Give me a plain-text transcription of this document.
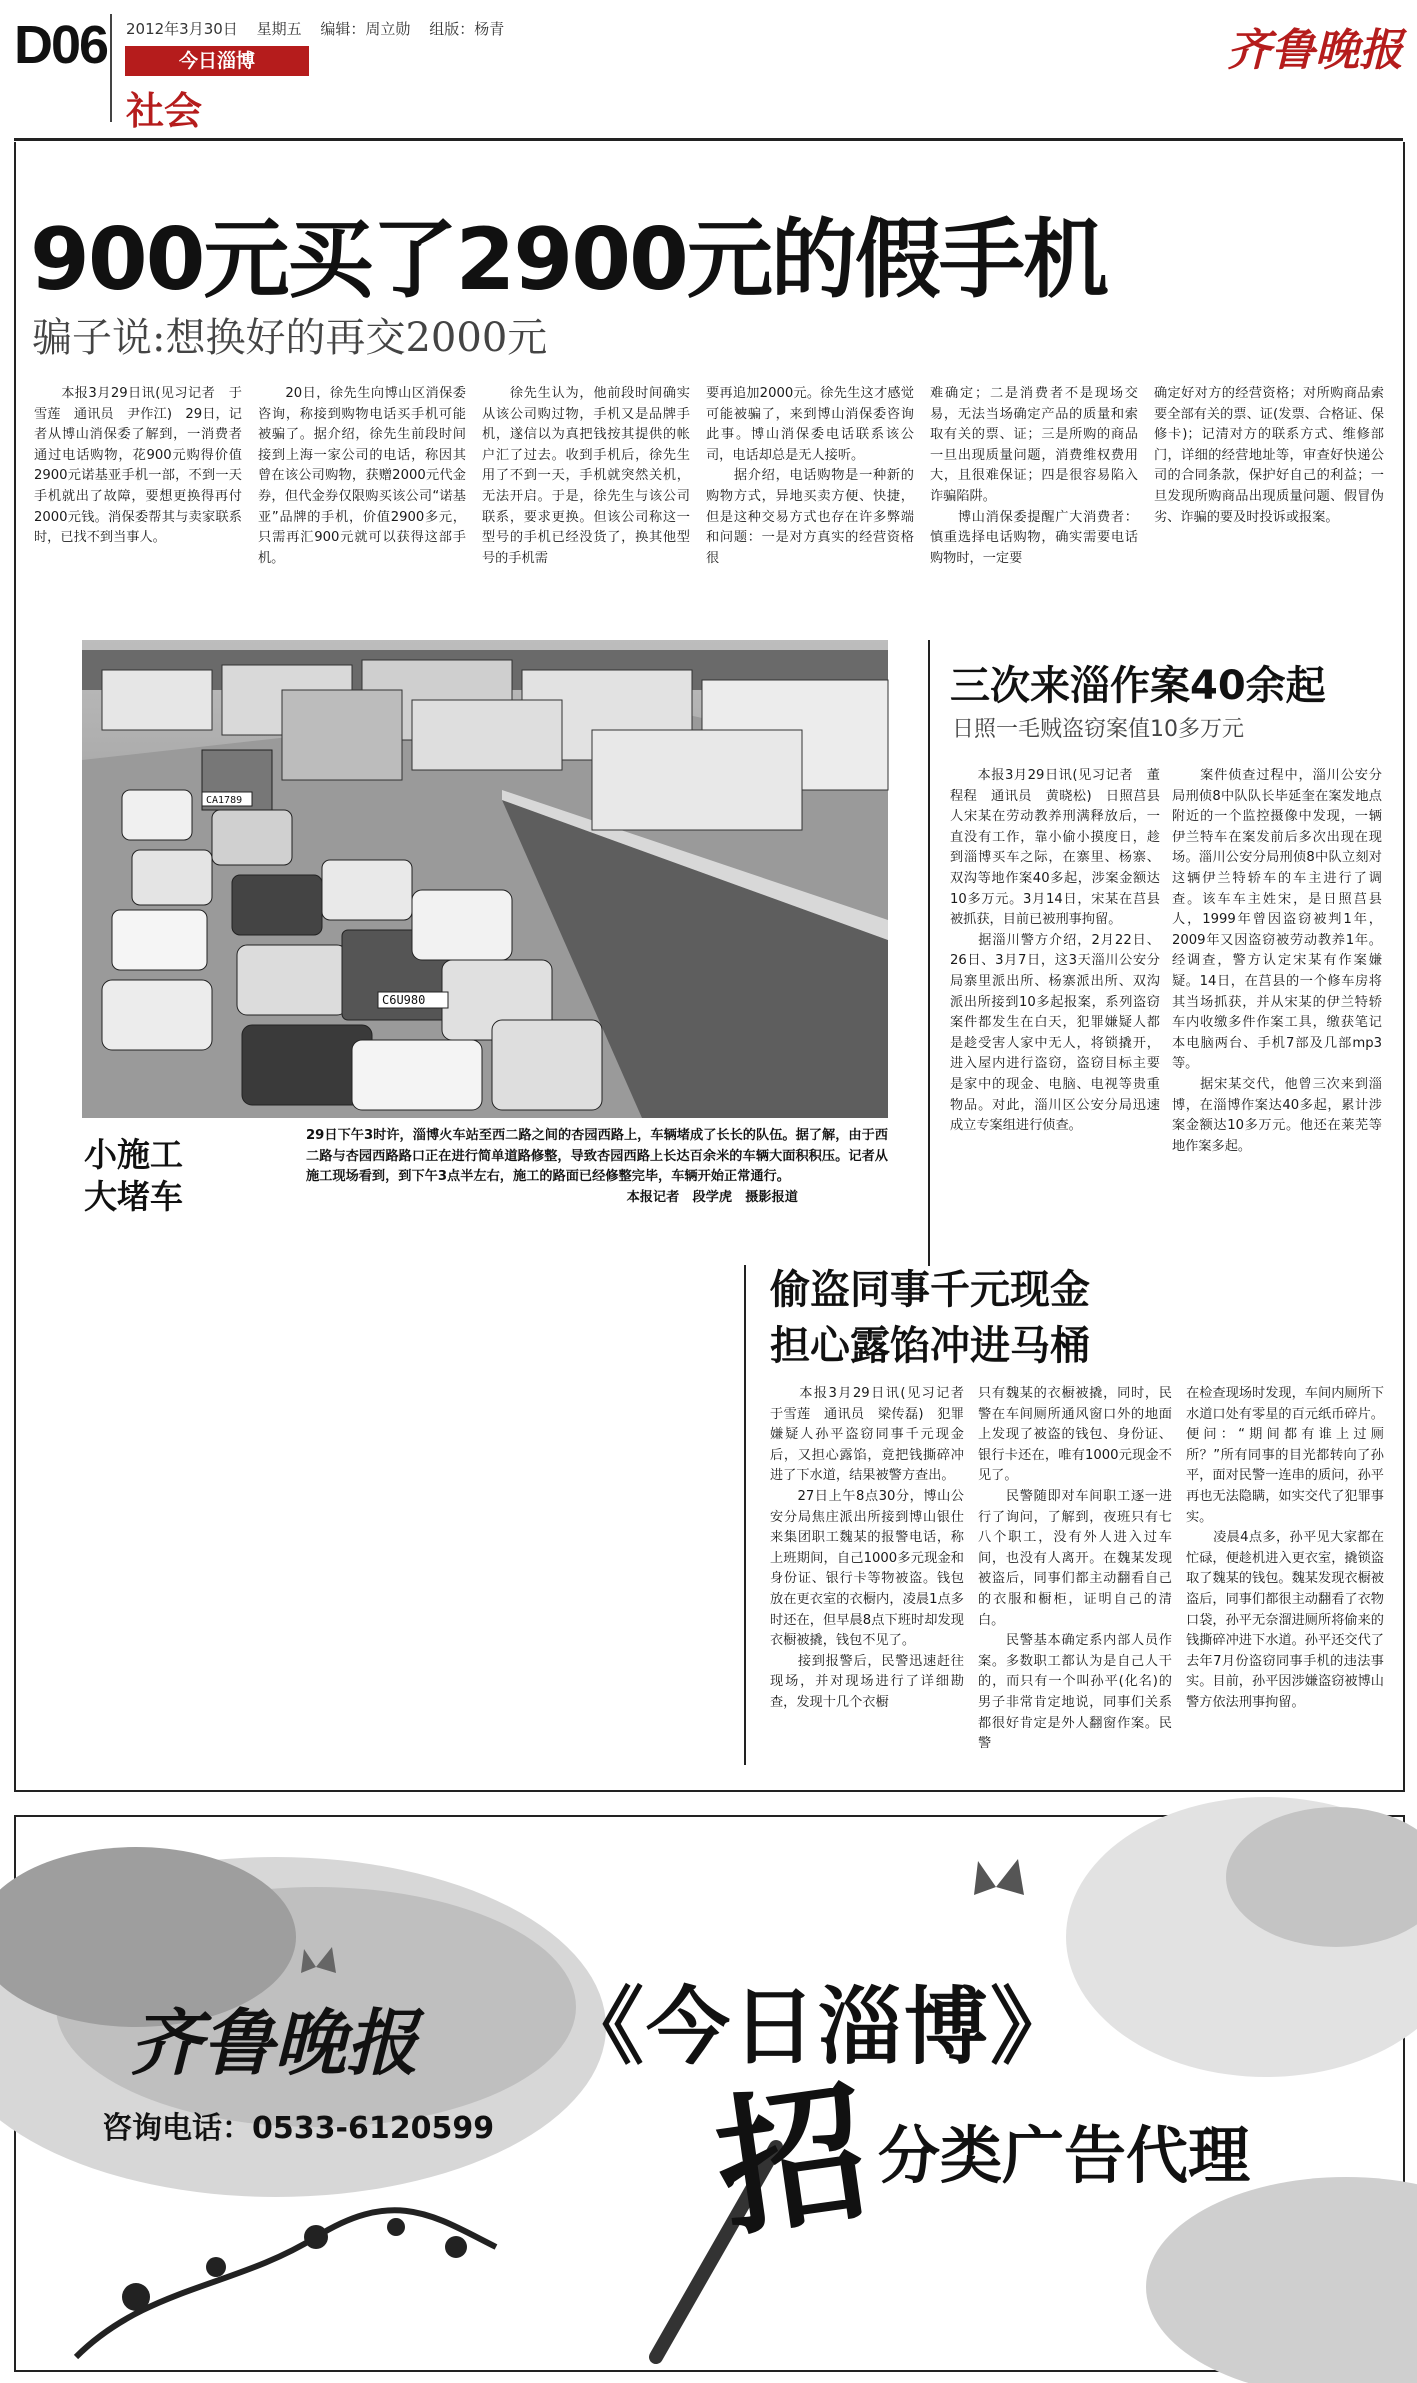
D06 2012年3月30日 星期五 编辑：周立勋 组版：杨青
今日淄博
社会
齐鲁晚报
900元买了2900元的假手机
骗子说:想换好的再交2000元
　　本报3月29日讯(见习记者　于雪莲　通讯员　尹作江)　29日，记者从博山消保委了解到，一消费者通过电话购物，花900元购得价值2900元诺基亚手机一部，不到一天手机就出了故障，要想更换得再付2000元钱。消保委帮其与卖家联系时，已找不到当事人。
　　20日，徐先生向博山区消保委咨询，称接到购物电话买手机可能被骗了。据介绍，徐先生前段时间接到上海一家公司的电话，称因其曾在该公司购物，获赠2000元代金券，但代金券仅限购买该公司“诺基亚”品牌的手机，价值2900多元，只需再汇900元就可以获得这部手机。
　　徐先生认为，他前段时间确实从该公司购过物，手机又是品牌手机，遂信以为真把钱按其提供的帐户汇了过去。收到手机后，徐先生用了不到一天，手机就突然关机，无法开启。于是，徐先生与该公司联系，要求更换。但该公司称这一型号的手机已经没货了，换其他型号的手机需
要再追加2000元。徐先生这才感觉可能被骗了，来到博山消保委咨询此事。博山消保委电话联系该公司，电话却总是无人接听。
　　据介绍，电话购物是一种新的购物方式，异地买卖方便、快捷，但是这种交易方式也存在许多弊端和问题：一是对方真实的经营资格很
难确定；二是消费者不是现场交易，无法当场确定产品的质量和索取有关的票、证；三是所购的商品一旦出现质量问题，消费维权费用大，且很难保证；四是很容易陷入诈骗陷阱。
　　博山消保委提醒广大消费者：慎重选择电话购物，确实需要电话购物时，一定要
确定好对方的经营资格；对所购商品索要全部有关的票、证(发票、合格证、保修卡)；记清对方的联系方式、维修部门，详细的经营地址等，审查好快递公司的合同条款，保护好自己的利益；一旦发现所购商品出现质量问题、假冒伪劣、诈骗的要及时投诉或报案。
CA1789
C6U980
小施工
大堵车
29日下午3时许，淄博火车站至西二路之间的杏园西路上，车辆堵成了长长的队伍。据了解，由于西二路与杏园西路路口正在进行简单道路修整，导致杏园西路上长达百余米的车辆大面积积压。记者从施工现场看到，到下午3点半左右，施工的路面已经修整完毕，车辆开始正常通行。
本报记者　段学虎　摄影报道
三次来淄作案40余起
日照一毛贼盗窃案值10多万元
　　本报3月29日讯(见习记者　董程程　通讯员　黄晓松)　日照莒县人宋某在劳动教养刑满释放后，一直没有工作，靠小偷小摸度日，趁到淄博买车之际，在寨里、杨寨、双沟等地作案40多起，涉案金额达10多万元。3月14日，宋某在莒县被抓获，目前已被刑事拘留。
　　据淄川警方介绍，2月22日、26日、3月7日，这3天淄川公安分局寨里派出所、杨寨派出所、双沟派出所接到10多起报案，系列盗窃案件都发生在白天，犯罪嫌疑人都是趁受害人家中无人，将锁撬开，进入屋内进行盗窃，盗窃目标主要是家中的现金、电脑、电视等贵重物品。对此，淄川区公安分局迅速成立专案组进行侦查。
　　案件侦查过程中，淄川公安分局刑侦8中队队长毕延奎在案发地点附近的一个监控摄像中发现，一辆伊兰特车在案发前后多次出现在现场。淄川公安分局刑侦8中队立刻对这辆伊兰特轿车的车主进行了调查。该车车主姓宋，是日照莒县人，1999年曾因盗窃被判1年，2009年又因盗窃被劳动教养1年。经调查，警方认定宋某有作案嫌疑。14日，在莒县的一个修车房将其当场抓获，并从宋某的伊兰特轿车内收缴多件作案工具，缴获笔记本电脑两台、手机7部及几部mp3等。
　　据宋某交代，他曾三次来到淄博，在淄博作案达40多起，累计涉案金额达10多万元。他还在莱芜等地作案多起。
偷盗同事千元现金
担心露馅冲进马桶
　　本报3月29日讯(见习记者　于雪莲　通讯员　梁传磊)　犯罪嫌疑人孙平盗窃同事千元现金后，又担心露馅，竟把钱撕碎冲进了下水道，结果被警方查出。
　　27日上午8点30分，博山公安分局焦庄派出所接到博山银仕来集团职工魏某的报警电话，称上班期间，自己1000多元现金和身份证、银行卡等物被盗。钱包放在更衣室的衣橱内，凌晨1点多时还在，但早晨8点下班时却发现衣橱被撬，钱包不见了。
　　接到报警后，民警迅速赶往现场，并对现场进行了详细勘查，发现十几个衣橱
只有魏某的衣橱被撬，同时，民警在车间厕所通风窗口外的地面上发现了被盗的钱包、身份证、银行卡还在，唯有1000元现金不见了。
　　民警随即对车间职工逐一进行了询问，了解到，夜班只有七八个职工，没有外人进入过车间，也没有人离开。在魏某发现被盗后，同事们都主动翻看自己的衣服和橱柜，证明自己的清白。
　　民警基本确定系内部人员作案。多数职工都认为是自己人干的，而只有一个叫孙平(化名)的男子非常肯定地说，同事们关系都很好肯定是外人翻窗作案。民警
在检查现场时发现，车间内厕所下水道口处有零星的百元纸币碎片。便问：“期间都有谁上过厕所？”所有同事的目光都转向了孙平，面对民警一连串的质问，孙平再也无法隐瞒，如实交代了犯罪事实。
　　凌晨4点多，孙平见大家都在忙碌，便趁机进入更衣室，撬锁盗取了魏某的钱包。魏某发现衣橱被盗后，同事们都很主动翻看了衣物口袋，孙平无奈溜进厕所将偷来的钱撕碎冲进下水道。孙平还交代了去年7月份盗窃同事手机的违法事实。目前，孙平因涉嫌盗窃被博山警方依法刑事拘留。
齐鲁晚报
咨询电话：0533-6120599
《今日淄博》
招
分类广告代理
